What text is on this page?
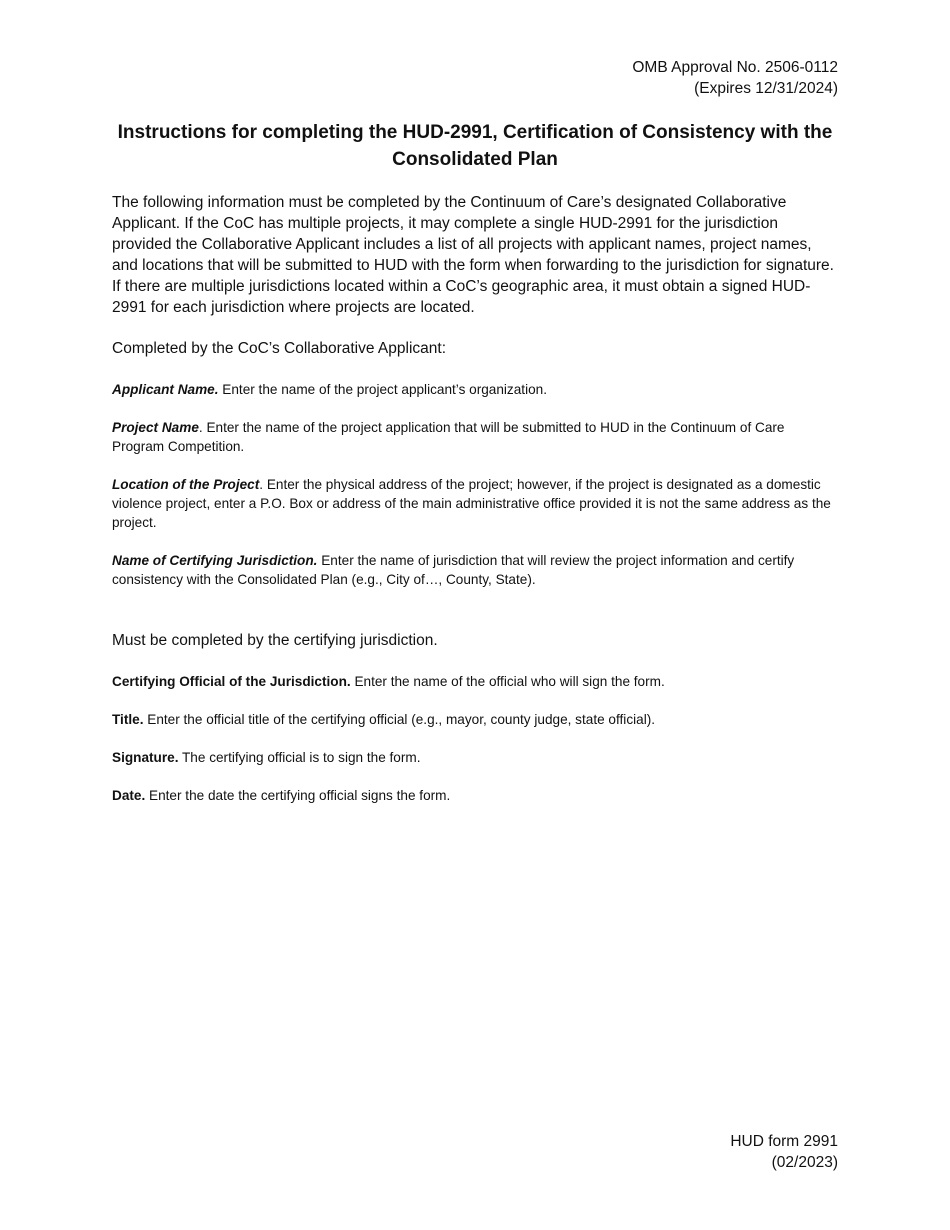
OMB Approval No. 2506-0112
(Expires 12/31/2024)
Instructions for completing the HUD-2991, Certification of Consistency with the Consolidated Plan

The following information must be completed by the Continuum of Care’s designated Collaborative Applicant. If the CoC has multiple projects, it may complete a single HUD-2991 for the jurisdiction provided the Collaborative Applicant includes a list of all projects with applicant names, project names, and locations that will be submitted to HUD with the form when forwarding to the jurisdiction for signature. If there are multiple jurisdictions located within a CoC’s geographic area, it must obtain a signed HUD-2991 for each jurisdiction where projects are located.

Completed by the CoC’s Collaborative Applicant:

Applicant Name. Enter the name of the project applicant’s organization.

Project Name. Enter the name of the project application that will be submitted to HUD in the Continuum of Care Program Competition.

Location of the Project. Enter the physical address of the project; however, if the project is designated as a domestic violence project, enter a P.O. Box or address of the main administrative office provided it is not the same address as the project.

Name of Certifying Jurisdiction. Enter the name of jurisdiction that will review the project information and certify consistency with the Consolidated Plan (e.g., City of…, County, State).

Must be completed by the certifying jurisdiction.

Certifying Official of the Jurisdiction. Enter the name of the official who will sign the form.

Title. Enter the official title of the certifying official (e.g., mayor, county judge, state official).

Signature. The certifying official is to sign the form.

Date. Enter the date the certifying official signs the form.

HUD form 2991
(02/2023)
